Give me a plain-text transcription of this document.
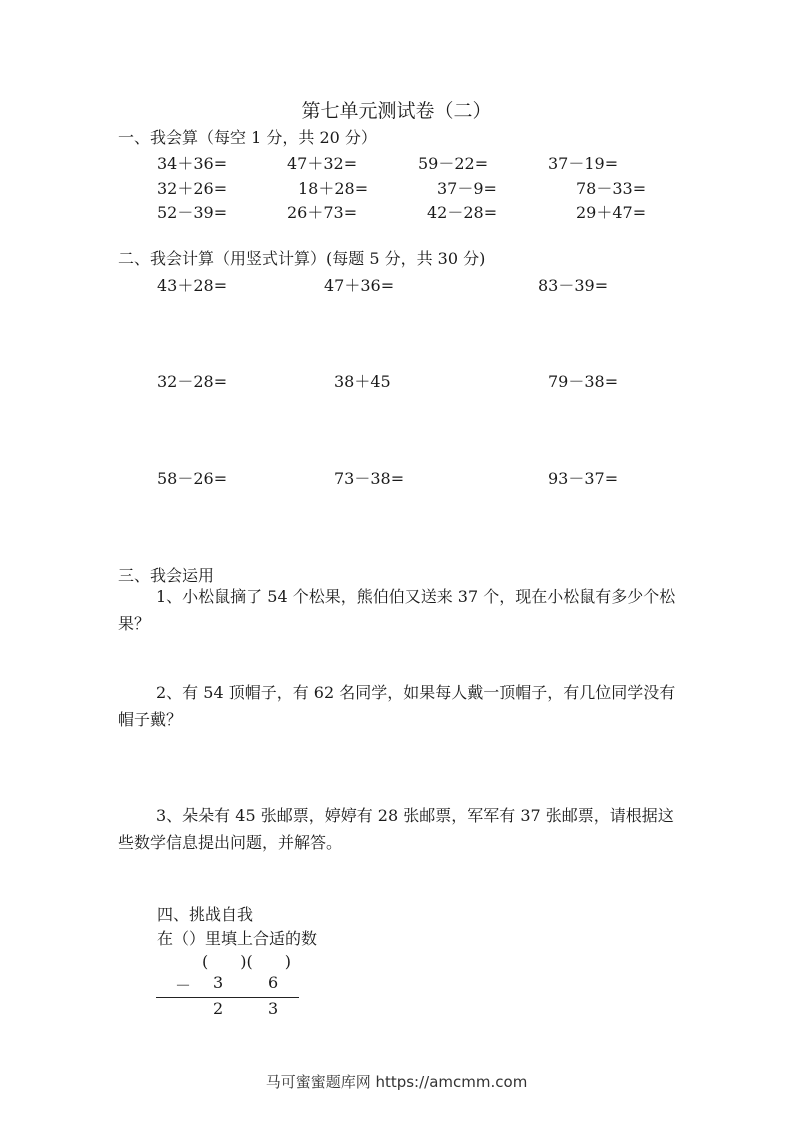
第七单元测试卷（二）
一、我会算（每空 1 分，共 20 分）
34＋36=	47＋32=	59－22=	37－19=
32＋26=	18＋28=	37－9=	78－33=
52－39=	26＋73=	42－28=	29＋47=
二、我会计算（用竖式计算）(每题 5 分，共 30 分)
43＋28=	47＋36=	83－39=
32－28=	38＋45	79－38=
58－26=	73－38=	93－37=
三、我会运用
1、小松鼠摘了 54 个松果，熊伯伯又送来 37 个，现在小松鼠有多少个松果？
2、有 54 顶帽子，有 62 名同学，如果每人戴一顶帽子，有几位同学没有帽子戴？
3、朵朵有 45 张邮票，婷婷有 28 张邮票，军军有 37 张邮票，请根据这些数学信息提出问题，并解答。
四、挑战自我
在（）里填上合适的数
(　　)(　　)
－ 3	6
2	3
马可蜜蜜题库网 https://amcmm.com
